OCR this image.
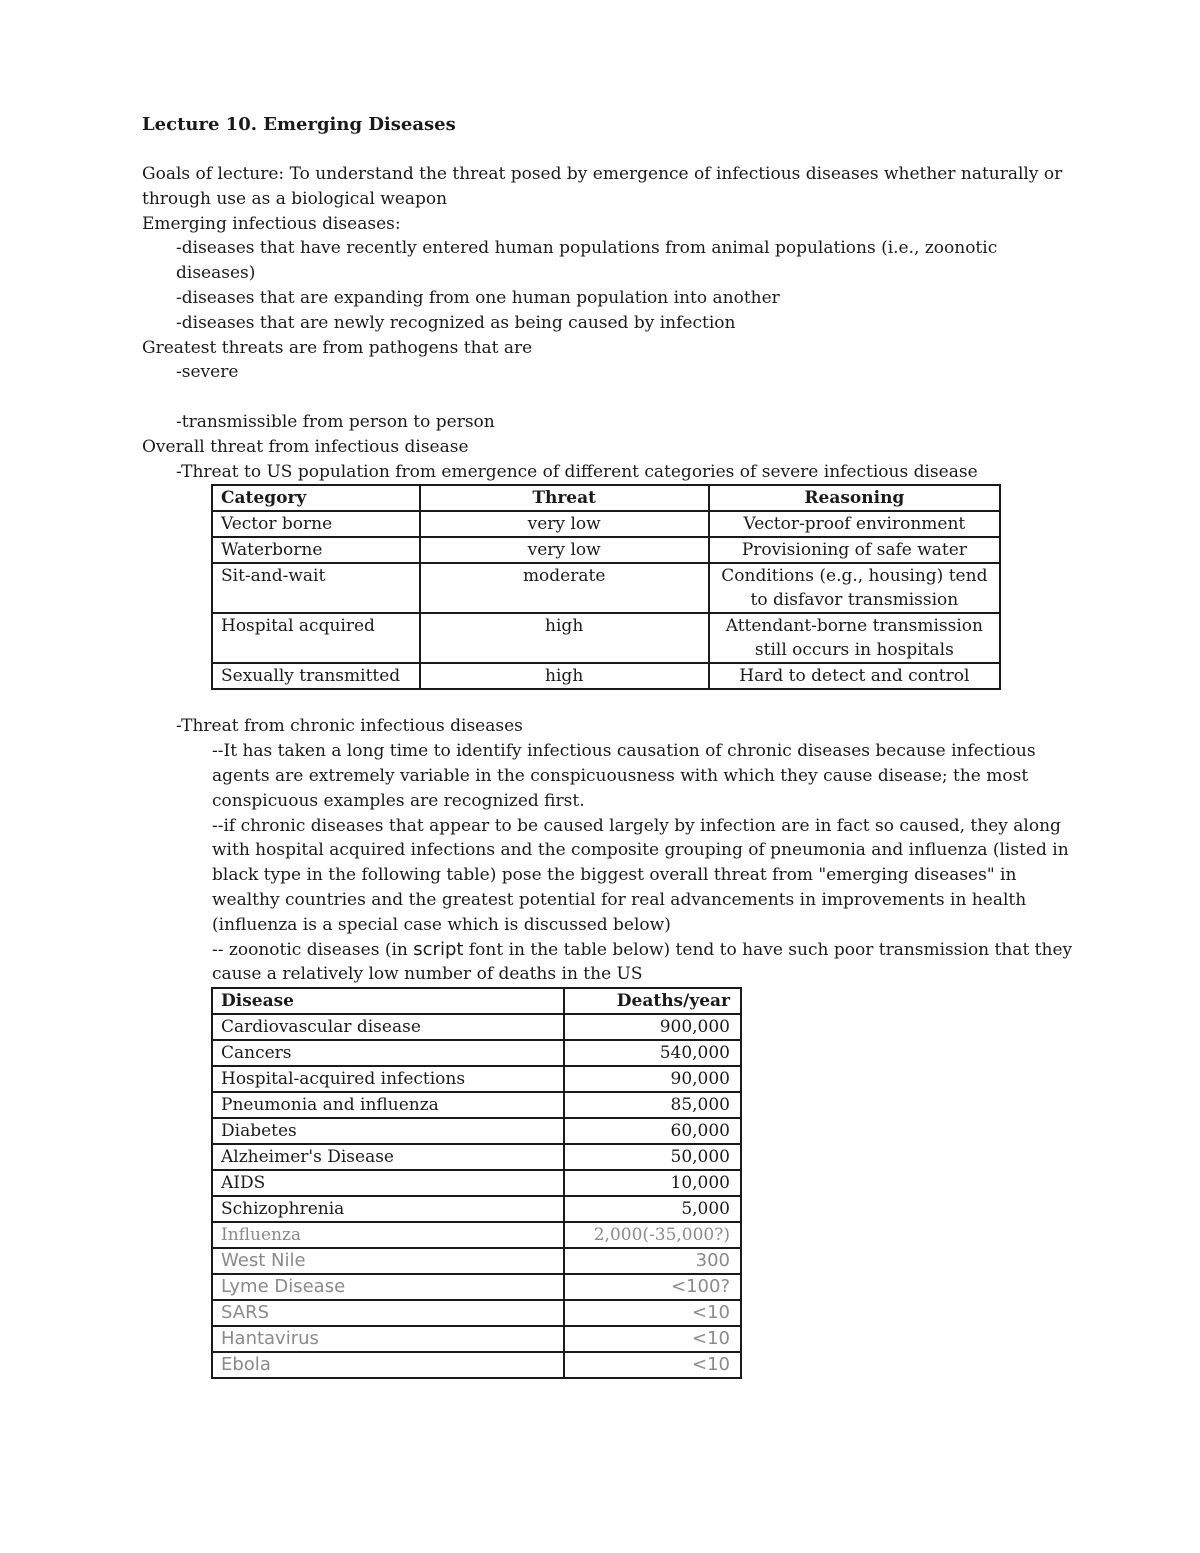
Lecture 10. Emerging Diseases
Goals of lecture: To understand the threat posed by emergence of infectious diseases whether naturally or
through use as a biological weapon
Emerging infectious diseases:
-diseases that have recently entered human populations from animal populations (i.e., zoonotic diseases)
-diseases that are expanding from one human population into another
-diseases that are newly recognized as being caused by infection
Greatest threats are from pathogens that are
-severe
-transmissible from person to person
Overall threat from infectious disease
-Threat to US population from emergence of different categories of severe infectious disease
Category	Threat	Reasoning
Vector borne	very low	Vector-proof environment
Waterborne	very low	Provisioning of safe water
Sit-and-wait	moderate	Conditions (e.g., housing) tend to disfavor transmission
Hospital acquired	high	Attendant-borne transmission still occurs in hospitals
Sexually transmitted	high	Hard to detect and control
-Threat from chronic infectious diseases
--It has taken a long time to identify infectious causation of chronic diseases because infectious agents are extremely variable in the conspicuousness with which they cause disease; the most conspicuous examples are recognized first.
--if chronic diseases that appear to be caused largely by infection are in fact so caused, they along with hospital acquired infections and the composite grouping of pneumonia and influenza (listed in black type in the following table) pose the biggest overall threat from "emerging diseases" in wealthy countries and the greatest potential for real advancements in improvements in health (influenza is a special case which is discussed below)
-- zoonotic diseases (in script font in the table below) tend to have such poor transmission that they cause a relatively low number of deaths in the US
Disease	Deaths/year
Cardiovascular disease	900,000
Cancers	540,000
Hospital-acquired infections	90,000
Pneumonia and influenza	85,000
Diabetes	60,000
Alzheimer's Disease	50,000
AIDS	10,000
Schizophrenia	5,000
Influenza	2,000(-35,000?)
West Nile	300
Lyme Disease	<100?
SARS	<10
Hantavirus	<10
Ebola	<10
